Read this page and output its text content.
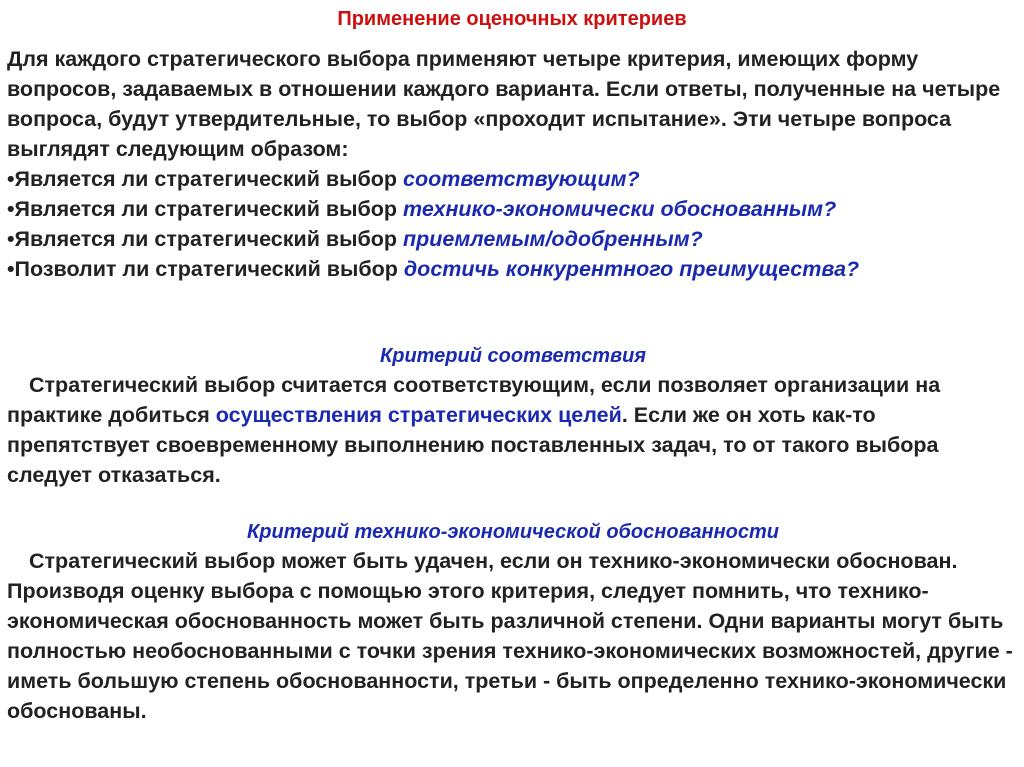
Применение оценочных критериев

Для каждого стратегического выбора применяют четыре критерия, имеющих форму вопросов, задаваемых в отношении каждого варианта. Если ответы, полученные на четыре вопроса, будут утвердительные, то выбор «проходит испытание». Эти четыре вопроса выглядят следующим образом:

•Является ли стратегический выбор соответствующим?

•Является ли стратегический выбор технико-экономически обоснованным?

•Является ли стратегический выбор приемлемым/одобренным?

•Позволит ли стратегический выбор достичь конкурентного преимущества?

Критерий соответствия

Стратегический выбор считается соответствующим, если позволяет организации на практике добиться осуществления стратегических целей. Если же он хоть как-то препятствует своевременному выполнению поставленных задач, то от такого выбора следует отказаться.

Критерий технико-экономической обоснованности

Стратегический выбор может быть удачен, если он технико-экономически обоснован. Производя оценку выбора с помощью этого критерия, следует помнить, что технико-экономическая обоснованность может быть различной степени. Одни варианты могут быть полностью необоснованными с точки зрения технико-экономических возможностей, другие - иметь большую степень обоснованности, третьи - быть определенно технико-экономически обоснованы.
